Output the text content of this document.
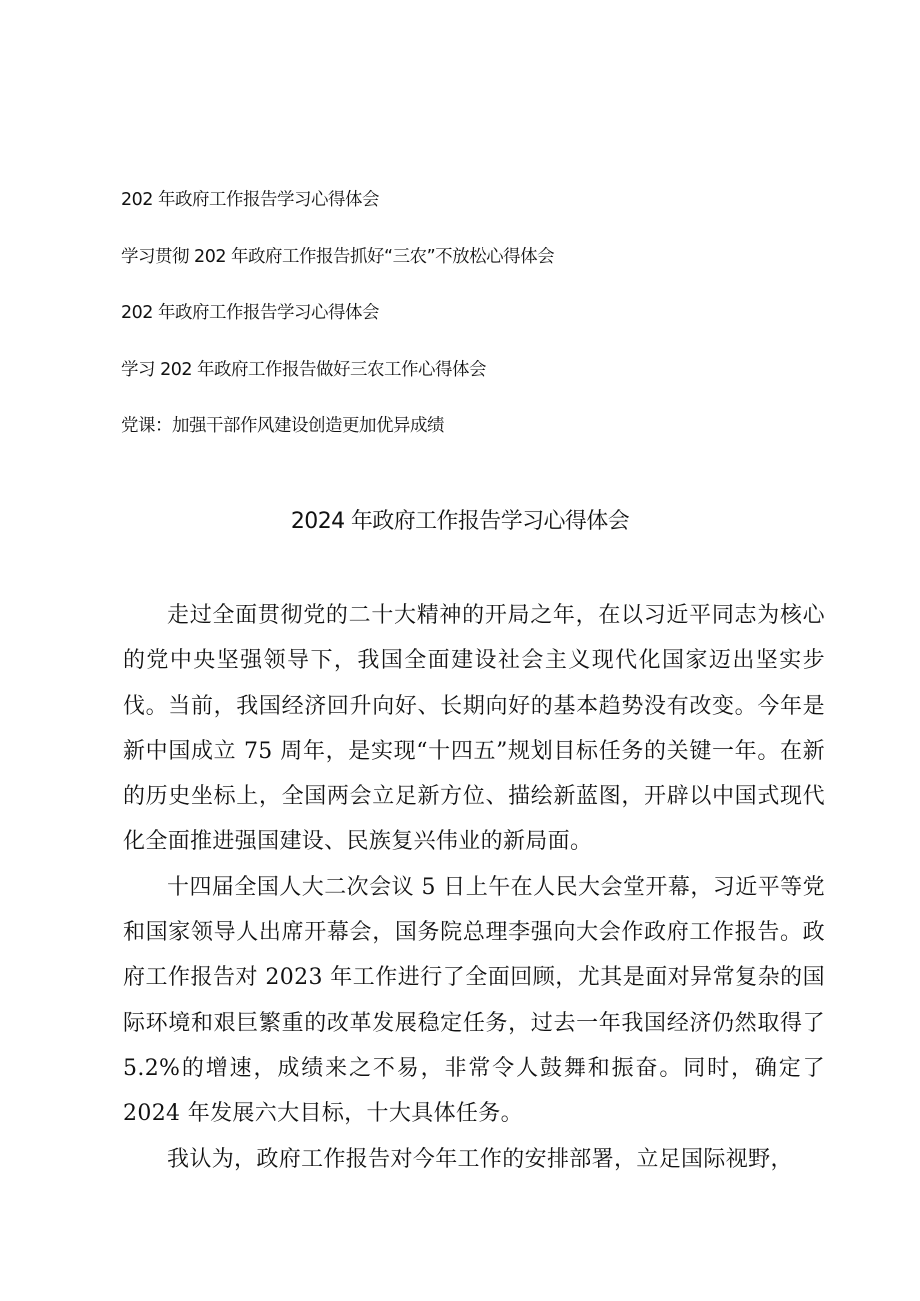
202 年政府工作报告学习心得体会
学习贯彻 202 年政府工作报告抓好“三农”不放松心得体会
202 年政府工作报告学习心得体会
学习 202 年政府工作报告做好三农工作心得体会
党课：加强干部作风建设创造更加优异成绩
2024 年政府工作报告学习心得体会

走过全面贯彻党的二十大精神的开局之年，在以习近平同志为核心的党中央坚强领导下，我国全面建设社会主义现代化国家迈出坚实步伐。当前，我国经济回升向好、长期向好的基本趋势没有改变。今年是新中国成立 75 周年，是实现“十四五”规划目标任务的关键一年。在新的历史坐标上，全国两会立足新方位、描绘新蓝图，开辟以中国式现代化全面推进强国建设、民族复兴伟业的新局面。

十四届全国人大二次会议 5 日上午在人民大会堂开幕，习近平等党和国家领导人出席开幕会，国务院总理李强向大会作政府工作报告。政府工作报告对 2023 年工作进行了全面回顾，尤其是面对异常复杂的国际环境和艰巨繁重的改革发展稳定任务，过去一年我国经济仍然取得了 5.2%的增速，成绩来之不易，非常令人鼓舞和振奋。同时，确定了 2024 年发展六大目标，十大具体任务。

我认为，政府工作报告对今年工作的安排部署，立足国际视野，
